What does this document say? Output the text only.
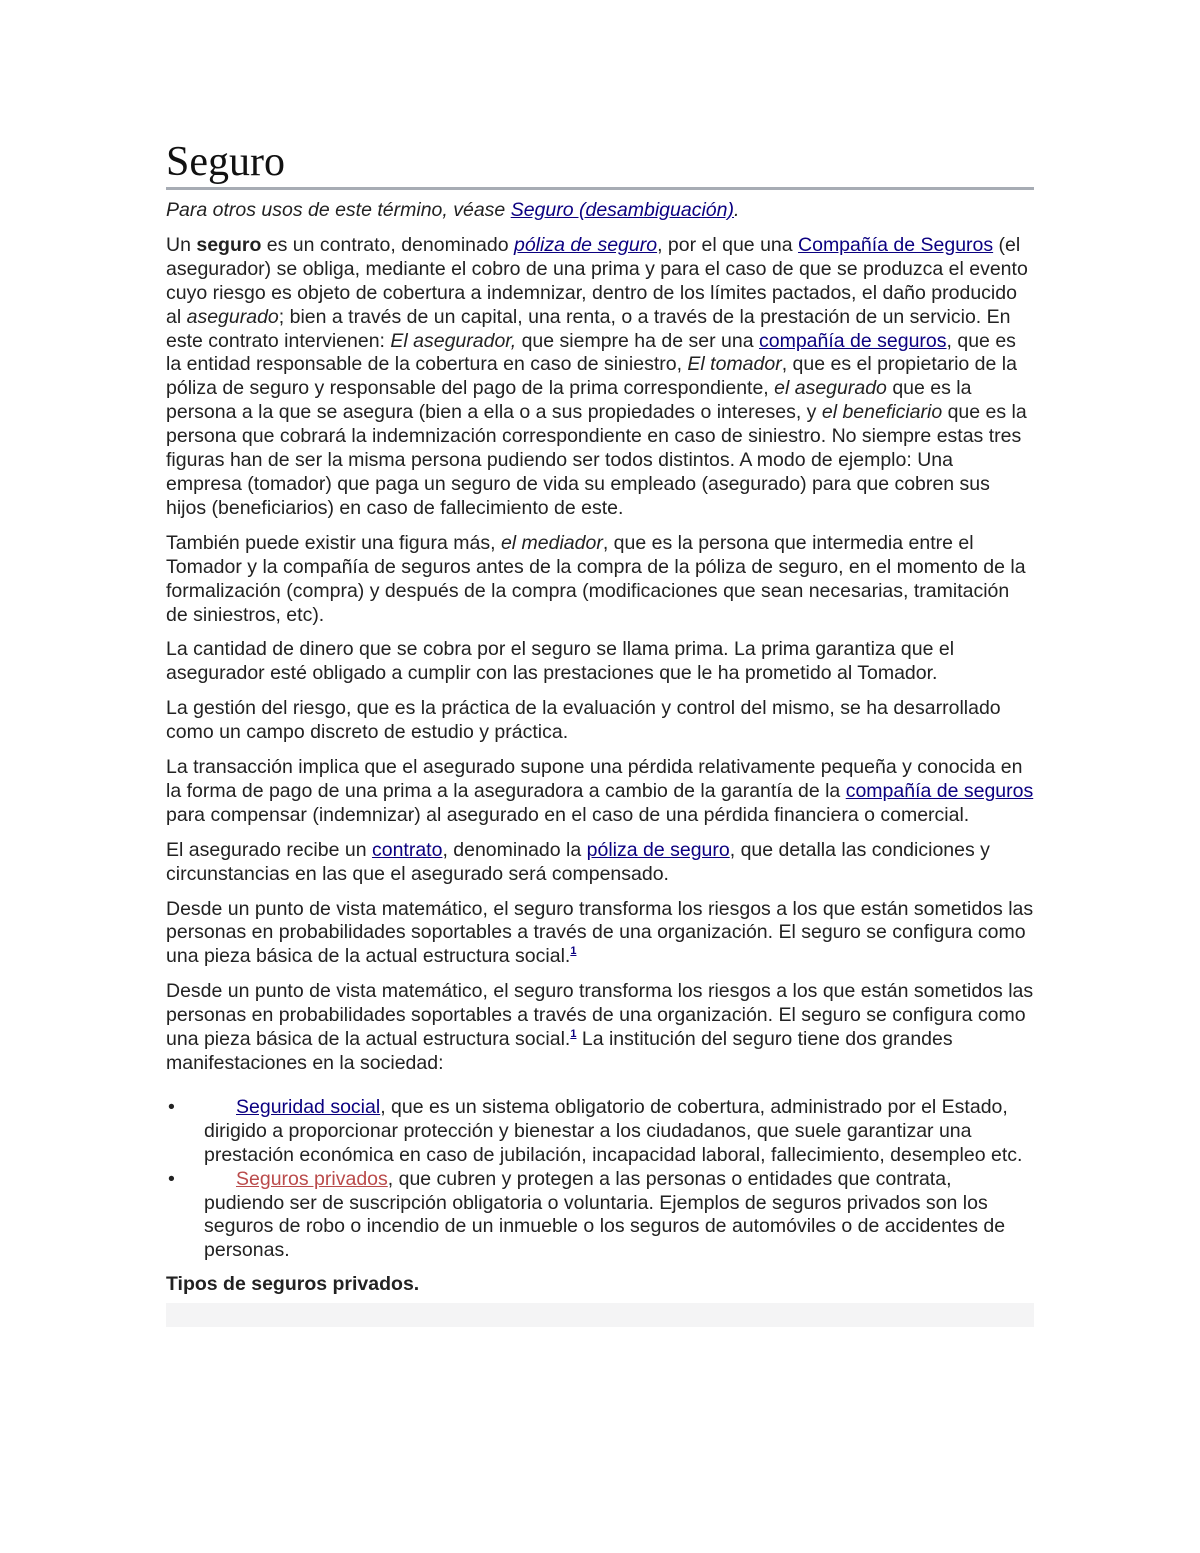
Seguro

Para otros usos de este término, véase Seguro (desambiguación).

Un seguro es un contrato, denominado póliza de seguro, por el que una Compañía de Seguros (el asegurador) se obliga, mediante el cobro de una prima y para el caso de que se produzca el evento cuyo riesgo es objeto de cobertura a indemnizar, dentro de los límites pactados, el daño producido al asegurado; bien a través de un capital, una renta, o a través de la prestación de un servicio. En este contrato intervienen: El asegurador, que siempre ha de ser una compañía de seguros, que es la entidad responsable de la cobertura en caso de siniestro, El tomador, que es el propietario de la póliza de seguro y responsable del pago de la prima correspondiente, el asegurado que es la persona a la que se asegura (bien a ella o a sus propiedades o intereses, y el beneficiario que es la persona que cobrará la indemnización correspondiente en caso de siniestro. No siempre estas tres figuras han de ser la misma persona pudiendo ser todos distintos. A modo de ejemplo: Una empresa (tomador) que paga un seguro de vida su empleado (asegurado) para que cobren sus hijos (beneficiarios) en caso de fallecimiento de este.

También puede existir una figura más, el mediador, que es la persona que intermedia entre el Tomador y la compañía de seguros antes de la compra de la póliza de seguro, en el momento de la formalización (compra) y después de la compra (modificaciones que sean necesarias, tramitación de siniestros, etc).

La cantidad de dinero que se cobra por el seguro se llama prima. La prima garantiza que el asegurador esté obligado a cumplir con las prestaciones que le ha prometido al Tomador.

La gestión del riesgo, que es la práctica de la evaluación y control del mismo, se ha desarrollado como un campo discreto de estudio y práctica.

La transacción implica que el asegurado supone una pérdida relativamente pequeña y conocida en la forma de pago de una prima a la aseguradora a cambio de la garantía de la compañía de seguros para compensar (indemnizar) al asegurado en el caso de una pérdida financiera o comercial.

El asegurado recibe un contrato, denominado la póliza de seguro, que detalla las condiciones y circunstancias en las que el asegurado será compensado.

Desde un punto de vista matemático, el seguro transforma los riesgos a los que están sometidos las personas en probabilidades soportables a través de una organización. El seguro se configura como una pieza básica de la actual estructura social.$^1$

Desde un punto de vista matemático, el seguro transforma los riesgos a los que están sometidos las personas en probabilidades soportables a través de una organización. El seguro se configura como una pieza básica de la actual estructura social.$^1$ La institución del seguro tiene dos grandes manifestaciones en la sociedad:

•	Seguridad social, que es un sistema obligatorio de cobertura, administrado por el Estado, dirigido a proporcionar protección y bienestar a los ciudadanos, que suele garantizar una prestación económica en caso de jubilación, incapacidad laboral, fallecimiento, desempleo etc.
•	Seguros privados, que cubren y protegen a las personas o entidades que contrata, pudiendo ser de suscripción obligatoria o voluntaria. Ejemplos de seguros privados son los seguros de robo o incendio de un inmueble o los seguros de automóviles o de accidentes de personas.

Tipos de seguros privados.
